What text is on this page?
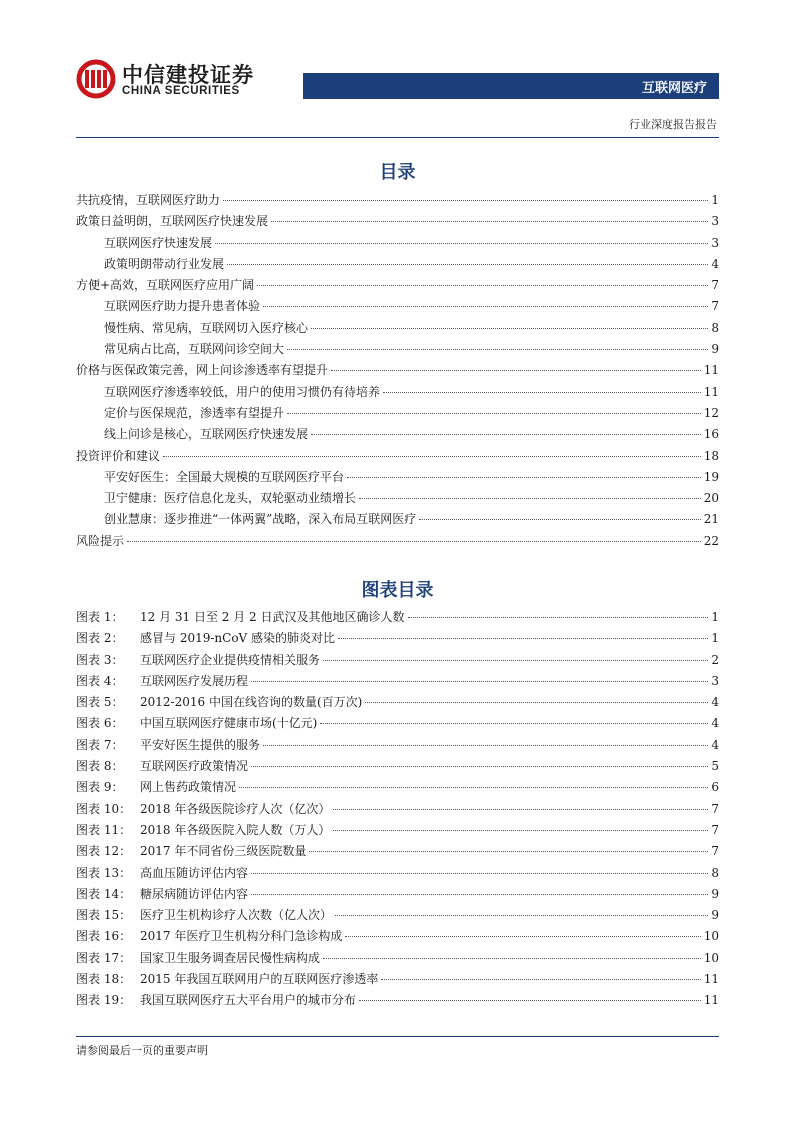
中信建投证券
CHINA SECURITIES	互联网医疗
行业深度报告报告
目录
共抗疫情，互联网医疗助力	1
政策日益明朗，互联网医疗快速发展	3
互联网医疗快速发展	3
政策明朗带动行业发展	4
方便+高效，互联网医疗应用广阔	7
互联网医疗助力提升患者体验	7
慢性病、常见病，互联网切入医疗核心	8
常见病占比高，互联网问诊空间大	9
价格与医保政策完善，网上问诊渗透率有望提升	11
互联网医疗渗透率较低，用户的使用习惯仍有待培养	11
定价与医保规范，渗透率有望提升	12
线上问诊是核心，互联网医疗快速发展	16
投资评价和建议	18
平安好医生：全国最大规模的互联网医疗平台	19
卫宁健康：医疗信息化龙头，双轮驱动业绩增长	20
创业慧康：逐步推进“一体两翼”战略，深入布局互联网医疗	21
风险提示	22
图表目录
图表 1：	12 月 31 日至 2 月 2 日武汉及其他地区确诊人数	1
图表 2：	感冒与 2019-nCoV 感染的肺炎对比	1
图表 3：	互联网医疗企业提供疫情相关服务	2
图表 4：	互联网医疗发展历程	3
图表 5：	2012-2016 中国在线咨询的数量(百万次)	4
图表 6：	中国互联网医疗健康市场(十亿元)	4
图表 7：	平安好医生提供的服务	4
图表 8：	互联网医疗政策情况	5
图表 9：	网上售药政策情况	6
图表 10： 2018 年各级医院诊疗人次（亿次）	7
图表 11： 2018 年各级医院入院人数（万人）	7
图表 12： 2017 年不同省份三级医院数量	7
图表 13： 高血压随访评估内容	8
图表 14： 糖尿病随访评估内容	9
图表 15： 医疗卫生机构诊疗人次数（亿人次）	9
图表 16： 2017 年医疗卫生机构分科门急诊构成	10
图表 17： 国家卫生服务调查居民慢性病构成	10
图表 18： 2015 年我国互联网用户的互联网医疗渗透率	11
图表 19： 我国互联网医疗五大平台用户的城市分布	11
请参阅最后一页的重要声明
